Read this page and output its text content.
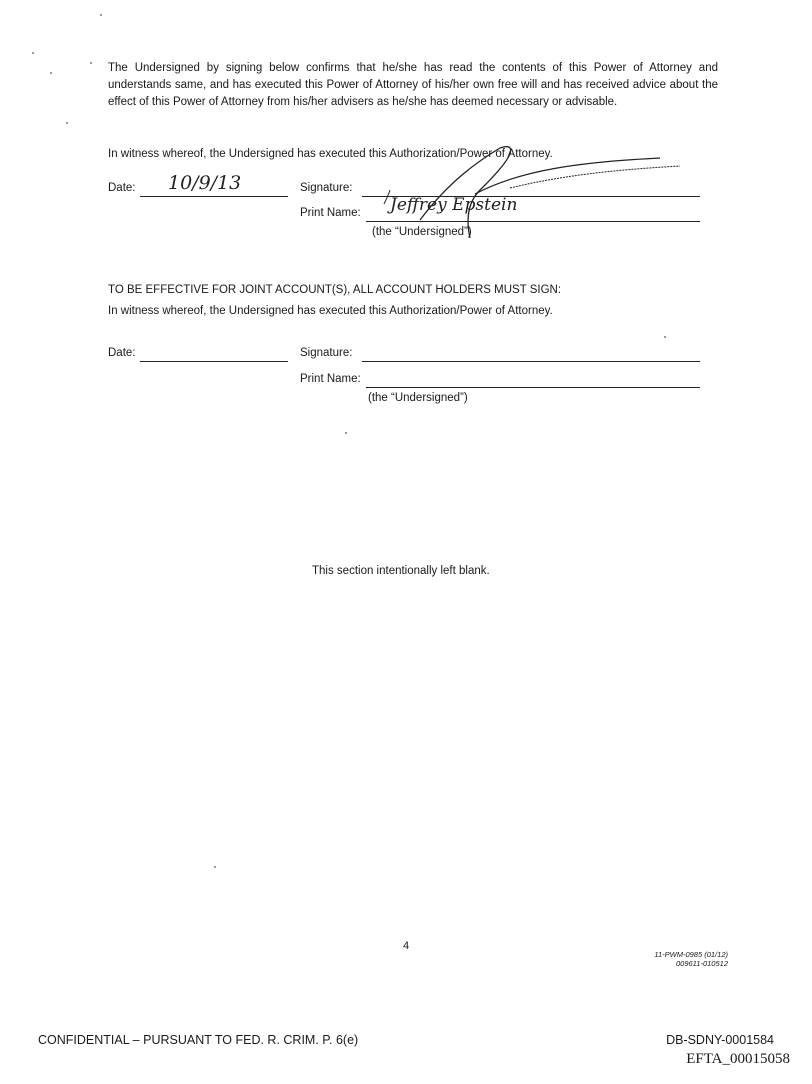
The Undersigned by signing below confirms that he/she has read the contents of this Power of Attorney and understands same, and has executed this Power of Attorney of his/her own free will and has received advice about the effect of this Power of Attorney from his/her advisers as he/she has deemed necessary or advisable.
In witness whereof, the Undersigned has executed this Authorization/Power of Attorney.
Date: 10/9/13	Signature:
Print Name: Jeffrey Epstein
(the “Undersigned”)
TO BE EFFECTIVE FOR JOINT ACCOUNT(S), ALL ACCOUNT HOLDERS MUST SIGN:
In witness whereof, the Undersigned has executed this Authorization/Power of Attorney.
Date:	Signature:
Print Name:
(the “Undersigned”)
This section intentionally left blank.
4
11-PWM-0985 (01/12)
009611-010512
CONFIDENTIAL – PURSUANT TO FED. R. CRIM. P. 6(e)	DB-SDNY-0001584
EFTA_00015058
